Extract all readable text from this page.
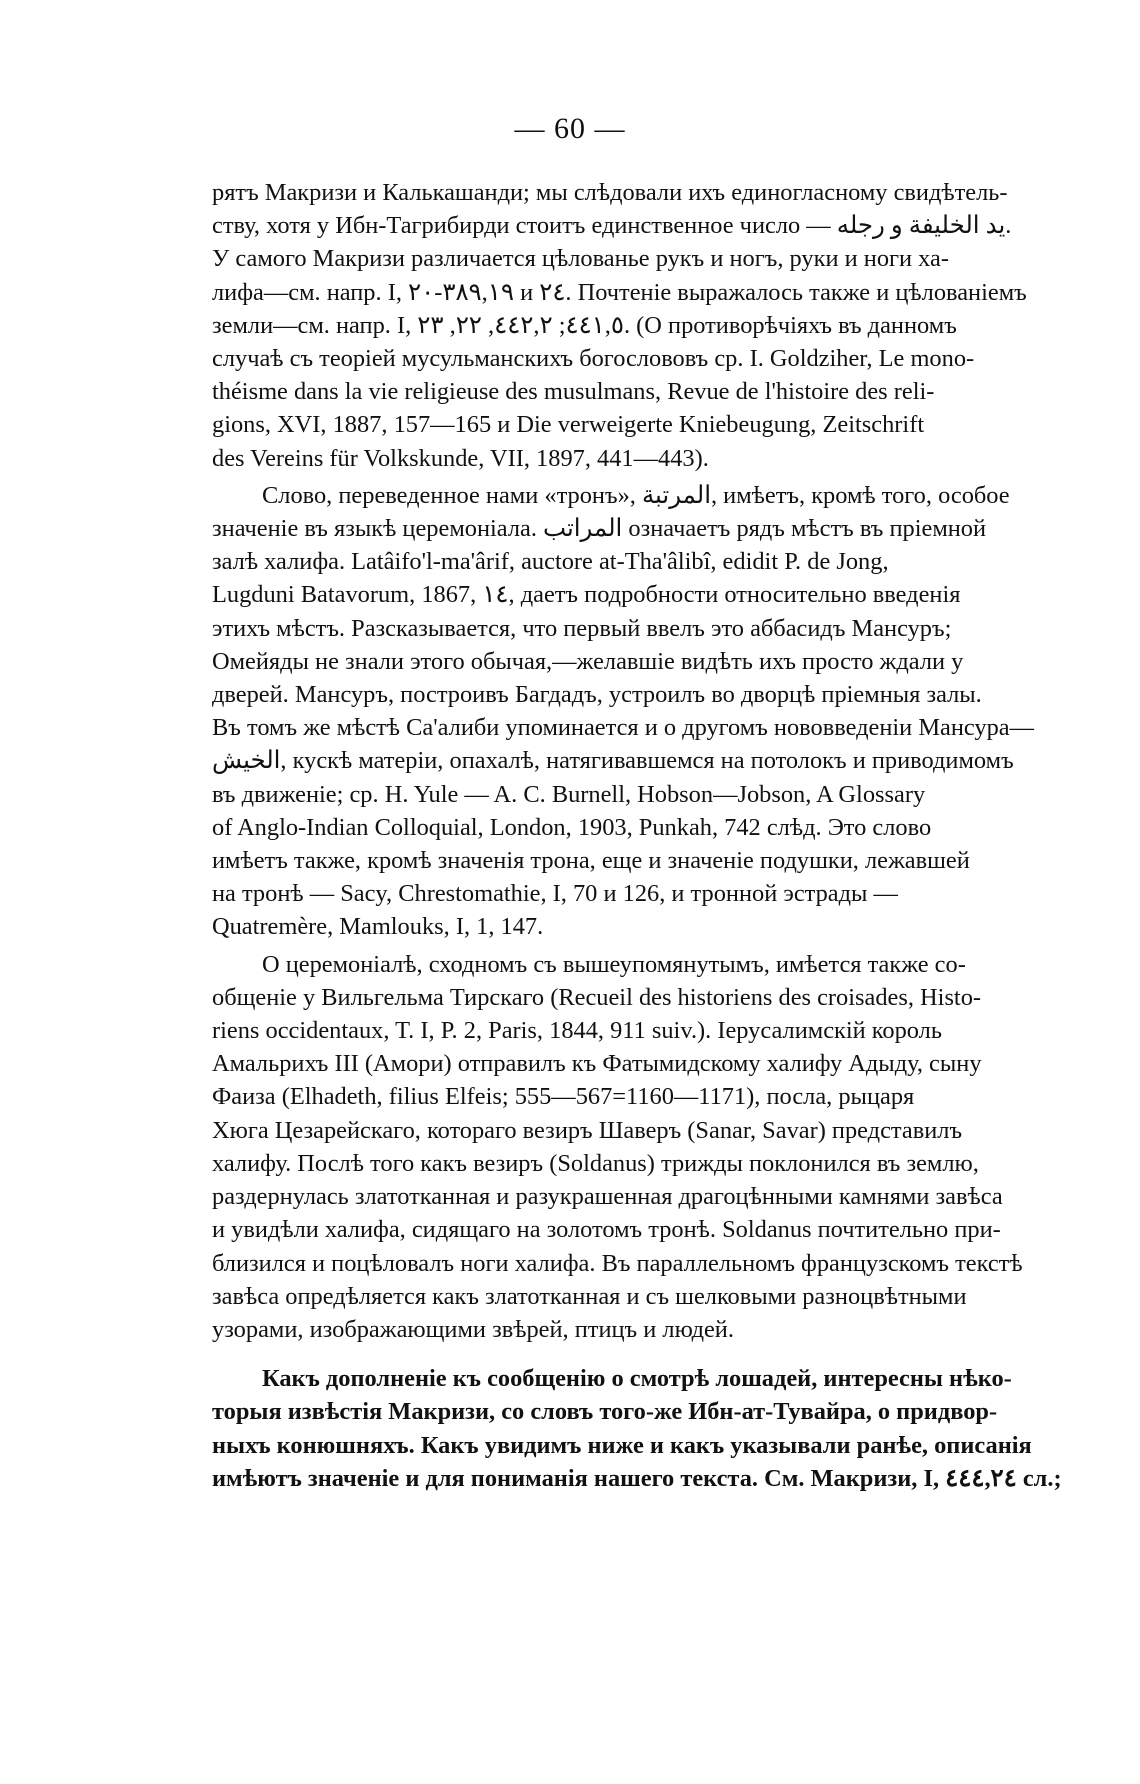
— 60 —
рятъ Макризи и Калькашанди; мы слѣдовали ихъ единогласному свидѣтель-
ству, хотя у Ибн-Тагрибирди стоитъ единственное число — يد الخليفة و رجله.
У самого Макризи различается цѣлованье рукъ и ногъ, руки и ноги ха-
лифа—см. напр. I, ٣٨٩,١٩-٢٠ и ٢٤. Почтеніе выражалось также и цѣлованіемъ
земли—см. напр. I, ٤٤١,٥; ٤٤٢,٢, ٢٢, ٢٣. (О противорѣчіяхъ въ данномъ
случаѣ съ теоріей мусульманскихъ богослововъ ср. I. Goldziher, Le mono-
théisme dans la vie religieuse des musulmans, Revue de l'histoire des reli-
gions, XVI, 1887, 157—165 и Die verweigerte Kniebeugung, Zeitschrift
des Vereins für Volkskunde, VII, 1897, 441—443).
Слово, переведенное нами «тронъ», المرتبة, имѣетъ, кромѣ того, особое
значеніе въ языкѣ церемоніала. المراتب означаетъ рядъ мѣстъ въ пріемной
залѣ халифа. Latâifo'l-ma'ârif, auctore at-Tha'âlibî, edidit P. de Jong,
Lugduni Batavorum, 1867, ١٤, даетъ подробности относительно введенія
этихъ мѣстъ. Разсказывается, что первый ввелъ это аббасидъ Мансуръ;
Омейяды не знали этого обычая,—желавшіе видѣть ихъ просто ждали у
дверей. Мансуръ, построивъ Багдадъ, устроилъ во дворцѣ пріемныя залы.
Въ томъ же мѣстѣ Са'алиби упоминается и о другомъ нововведеніи Мансура—
الخيش, кускѣ матеріи, опахалѣ, натягивавшемся на потолокъ и приводимомъ
въ движеніе; ср. H. Yule — A. C. Burnell, Hobson—Jobson, A Glossary
of Anglo-Indian Colloquial, London, 1903, Punkah, 742 слѣд. Это слово
имѣетъ также, кромѣ значенія трона, еще и значеніе подушки, лежавшей
на тронѣ — Sacy, Chrestomathie, I, 70 и 126, и тронной эстрады —
Quatremère, Mamlouks, I, 1, 147.
О церемоніалѣ, сходномъ съ вышеупомянутымъ, имѣется также со-
общеніе у Вильгельма Тирскаго (Recueil des historiens des croisades, Histo-
riens occidentaux, T. I, P. 2, Paris, 1844, 911 suiv.). Іерусалимскій король
Амальрихъ III (Амори) отправилъ къ Фатымидскому халифу Адыду, сыну
Фаиза (Elhadeth, filius Elfeis; 555—567=1160—1171), посла, рыцаря
Хюга Цезарейскаго, котораго везиръ Шаверъ (Sanar, Savar) представилъ
халифу. Послѣ того какъ везиръ (Soldanus) трижды поклонился въ землю,
раздернулась златотканная и разукрашенная драгоцѣнными камнями завѣса
и увидѣли халифа, сидящаго на золотомъ тронѣ. Soldanus почтительно при-
близился и поцѣловалъ ноги халифа. Въ параллельномъ французскомъ текстѣ
завѣса опредѣляется какъ златотканная и съ шелковыми разноцвѣтными
узорами, изображающими звѣрей, птицъ и людей.
Какъ дополненіе къ сообщенію о смотрѣ лошадей, интересны нѣко-
торыя извѣстія Макризи, со словъ того-же Ибн-ат-Тувайра, о придвор-
ныхъ конюшняхъ. Какъ увидимъ ниже и какъ указывали ранѣе, описанія
имѣютъ значеніе и для пониманія нашего текста. См. Макризи, I, ٤٤٤,٢٤ сл.;
